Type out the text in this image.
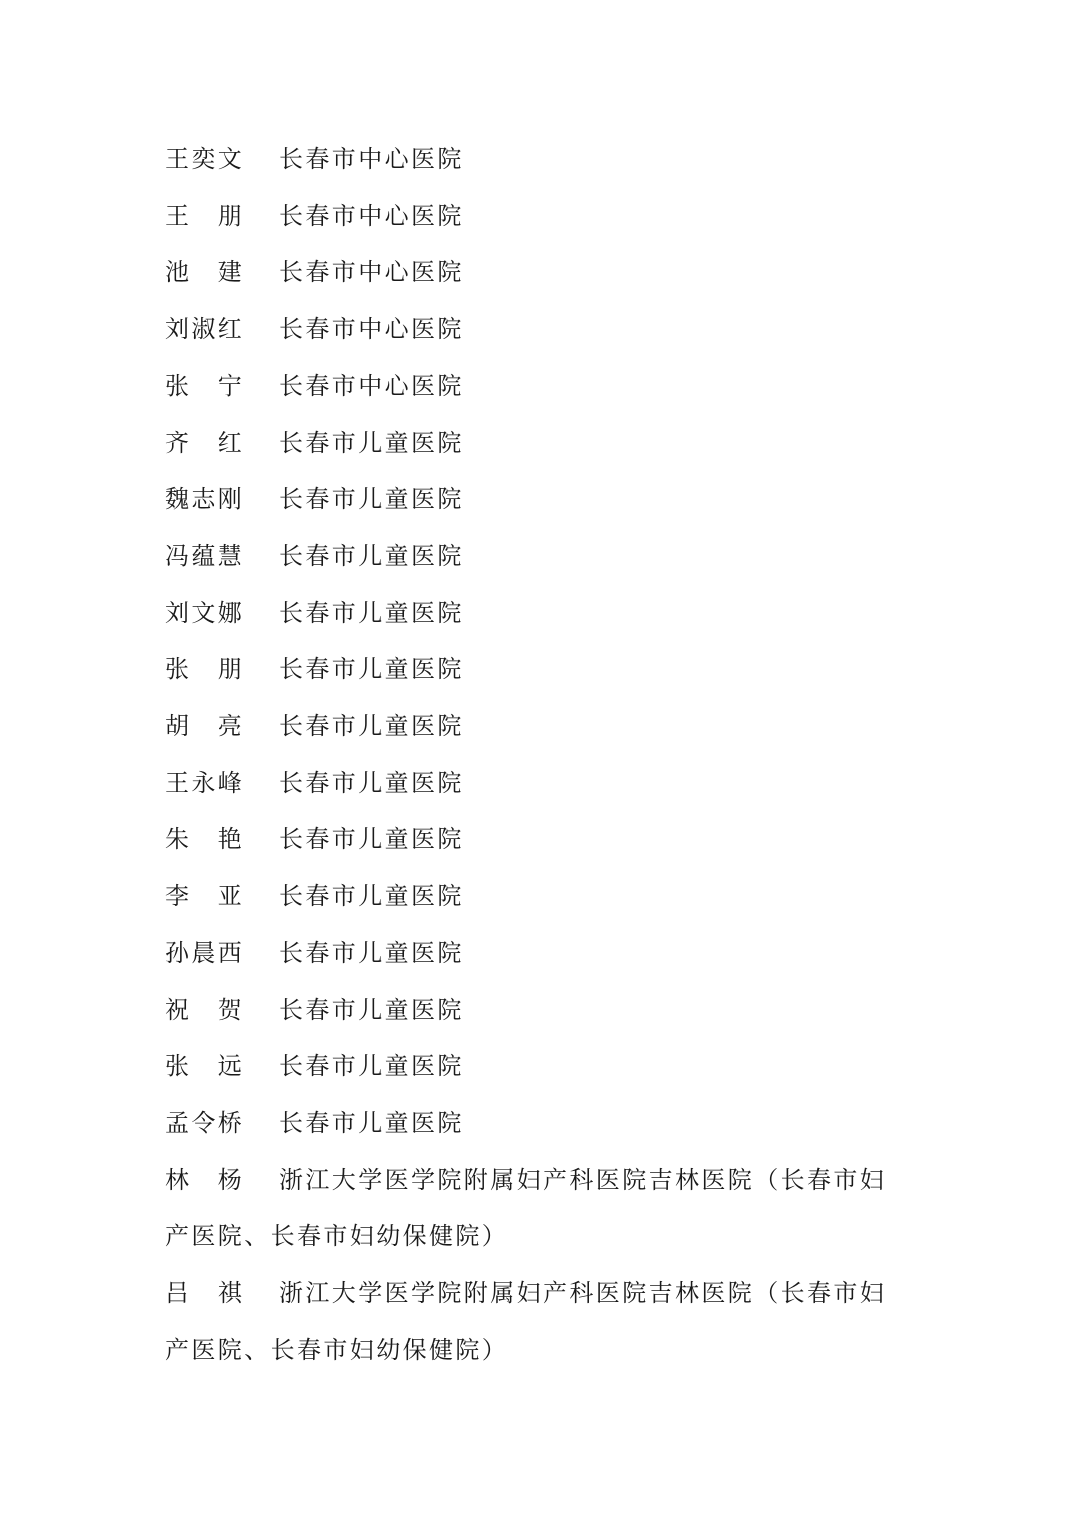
王奕文 长春市中心医院
王　朋 长春市中心医院
池　建 长春市中心医院
刘淑红 长春市中心医院
张　宁 长春市中心医院
齐　红 长春市儿童医院
魏志刚 长春市儿童医院
冯蕴慧 长春市儿童医院
刘文娜 长春市儿童医院
张　朋 长春市儿童医院
胡　亮 长春市儿童医院
王永峰 长春市儿童医院
朱　艳 长春市儿童医院
李　亚 长春市儿童医院
孙晨西 长春市儿童医院
祝　贺 长春市儿童医院
张　远 长春市儿童医院
孟令桥 长春市儿童医院
林　杨 浙江大学医学院附属妇产科医院吉林医院（长春市妇
产医院、长春市妇幼保健院）
吕　祺 浙江大学医学院附属妇产科医院吉林医院（长春市妇
产医院、长春市妇幼保健院）
